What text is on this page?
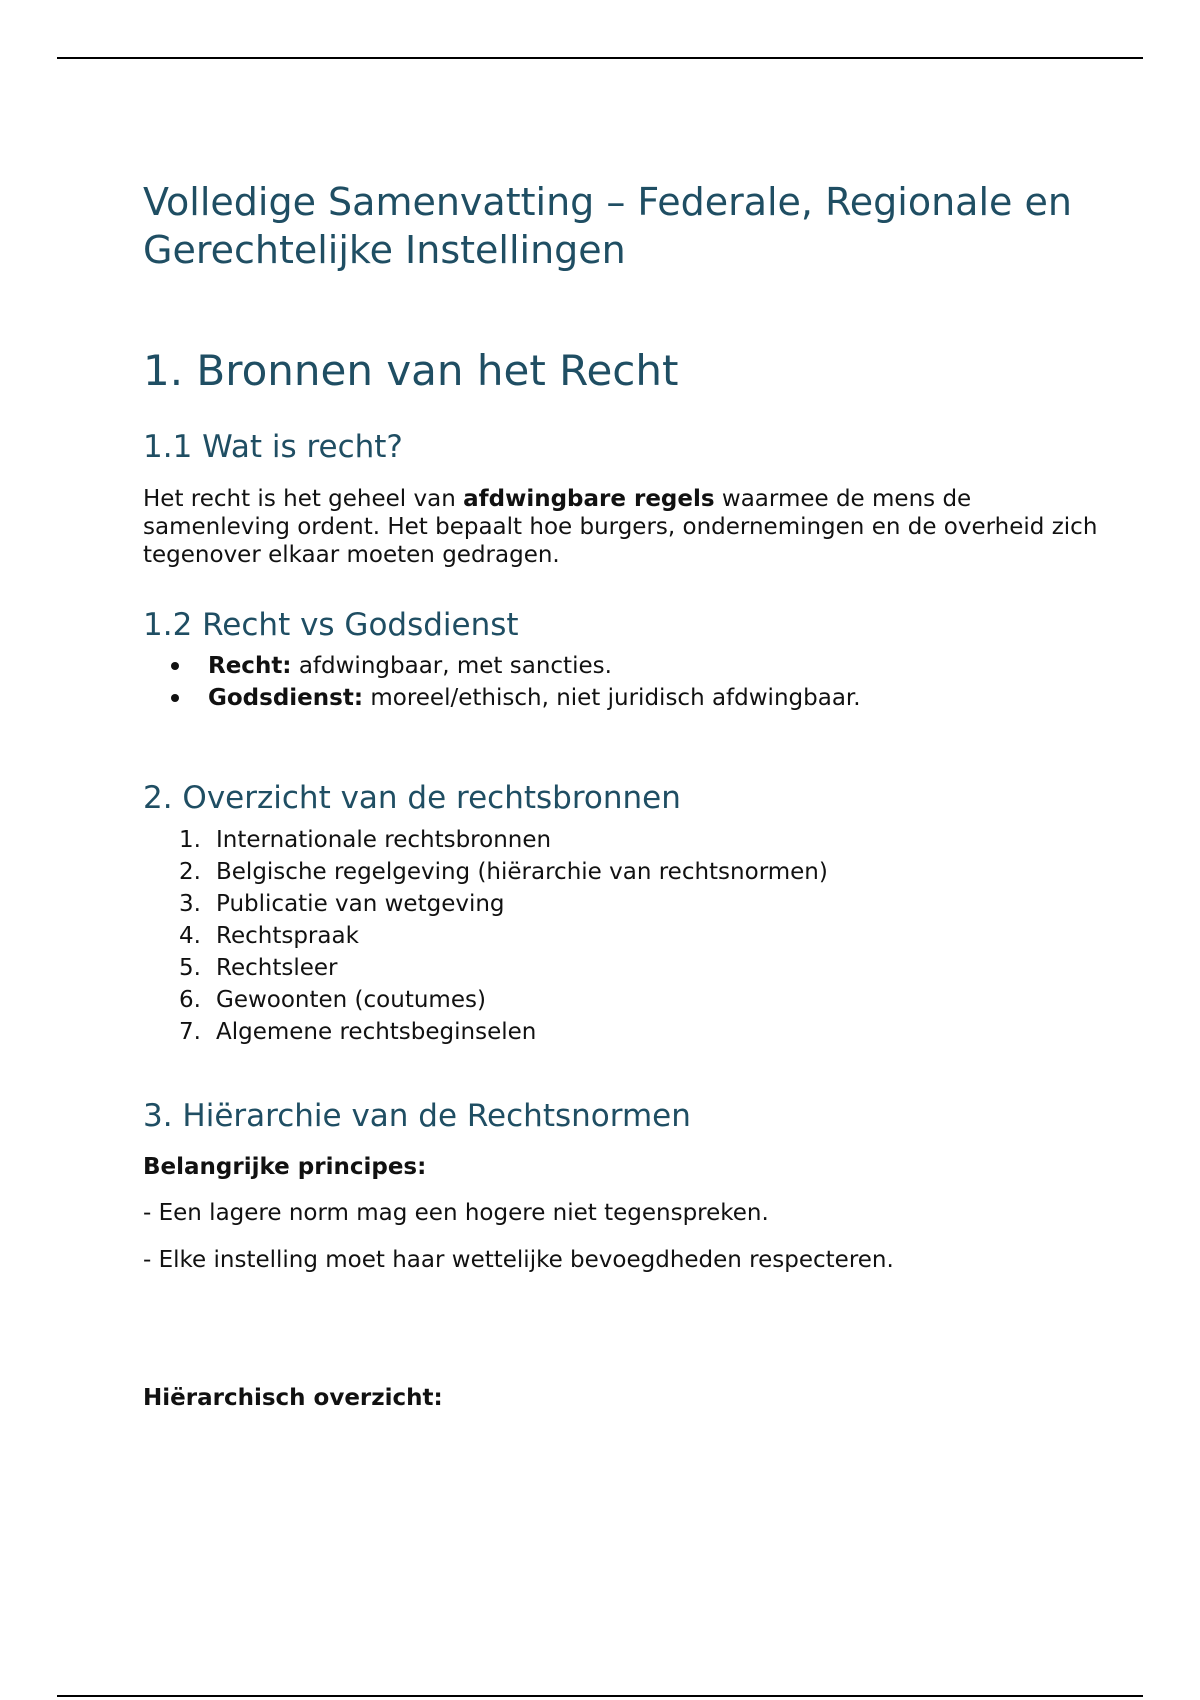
Volledige Samenvatting – Federale, Regionale en Gerechtelijke Instellingen
1. Bronnen van het Recht
1.1 Wat is recht?

Het recht is het geheel van afdwingbare regels waarmee de mens de samenleving ordent. Het bepaalt hoe burgers, ondernemingen en de overheid zich tegenover elkaar moeten gedragen.

1.2 Recht vs Godsdienst
Recht: afdwingbaar, met sancties.
Godsdienst: moreel/ethisch, niet juridisch afdwingbaar.
2. Overzicht van de rechtsbronnen
1. Internationale rechtsbronnen
2. Belgische regelgeving (hiërarchie van rechtsnormen)
3. Publicatie van wetgeving
4. Rechtspraak
5. Rechtsleer
6. Gewoonten (coutumes)
7. Algemene rechtsbeginselen
3. Hiërarchie van de Rechtsnormen
Belangrijke principes:
- Een lagere norm mag een hogere niet tegenspreken.
- Elke instelling moet haar wettelijke bevoegdheden respecteren.
Hiërarchisch overzicht:
